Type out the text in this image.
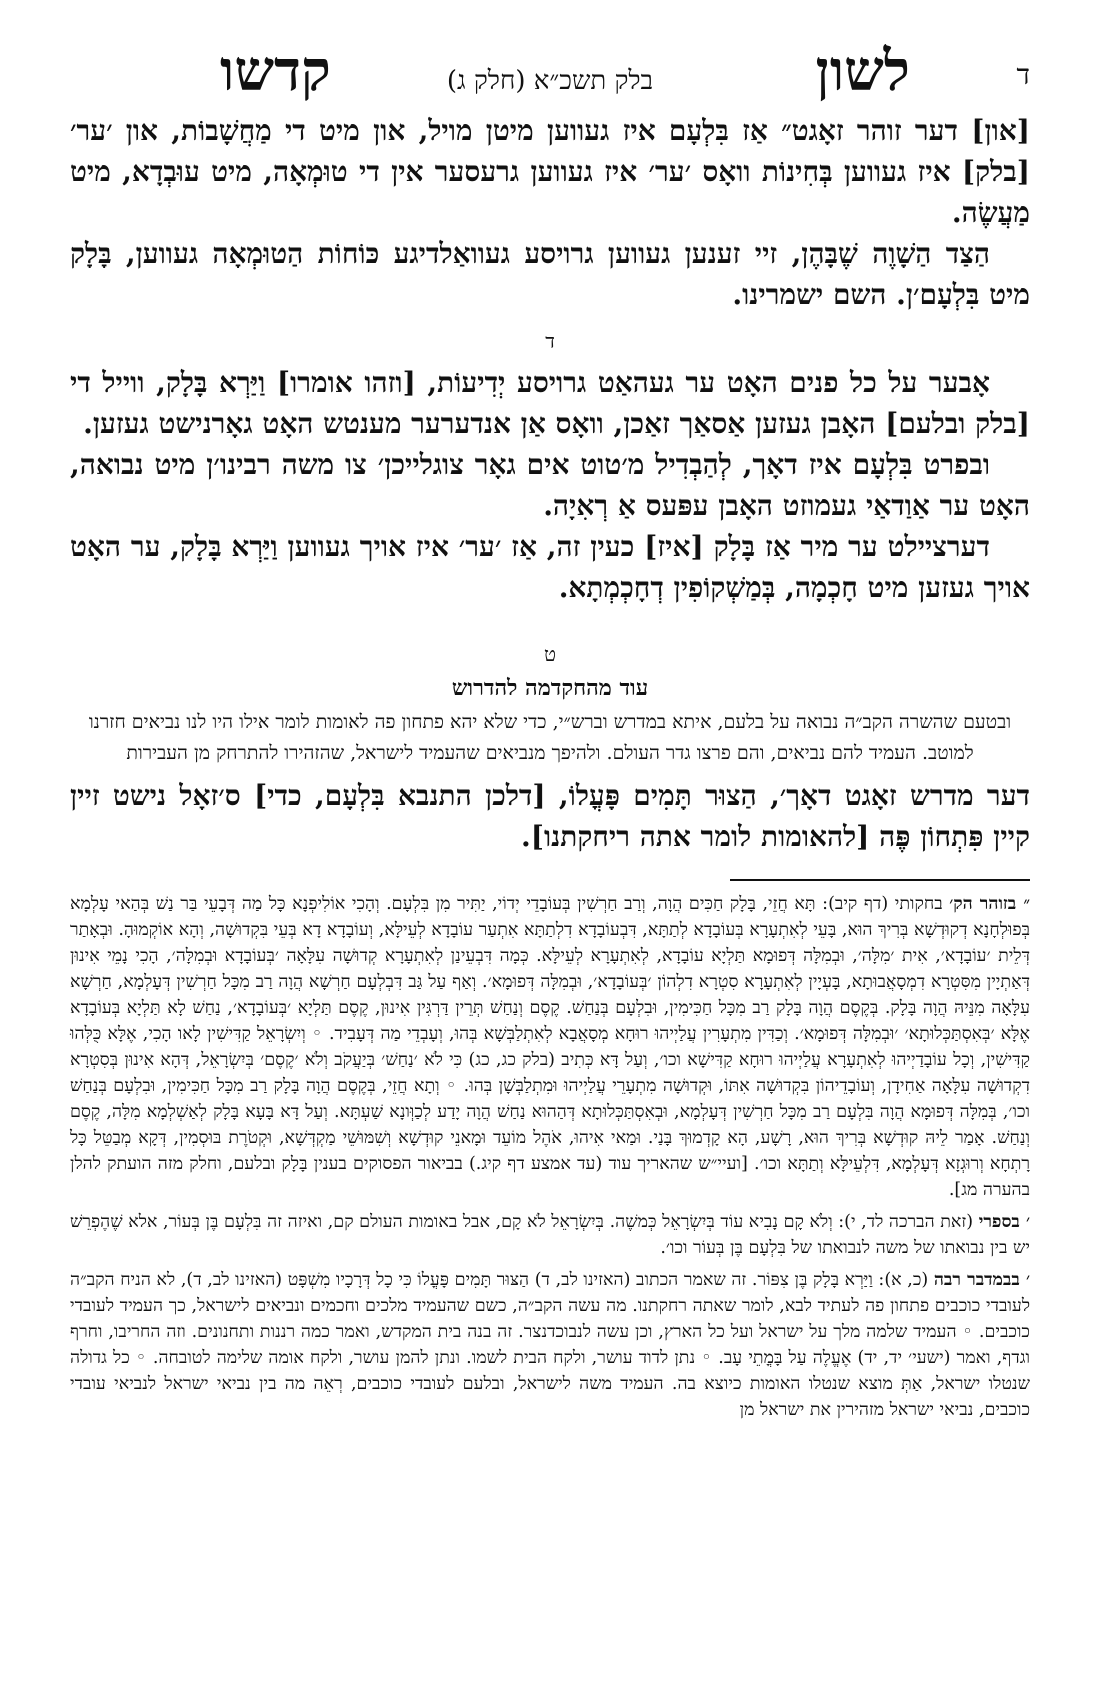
ד
לשון
בלק תשכ״א (חלק ג)
קדשו

[און] דער זוהר זאָגט״ אַז בִּלְעָם איז געווען מיטן מויל, און מיט די מַחֲשָׁבוֹת, און ׳ער׳ [בלק] איז געווען בְּחִינוֹת וואָס ׳ער׳ איז געווען גרעסער אין די טוּמְאָה, מיט עוּבְדָא, מיט מַעֲשֶׂה.

הַצַד הַשָׁוֶה שֶׁבָּהֶן, זיי זענען געווען גרויסע געוואַלדיגע כּוֹחוֹת הַטוּמְאָה געווען, בָּלָק מיט בִּלְעָם׳ן. השם ישמרינו.

ד

אָבער על כל פנים האָט ער געהאַט גרויסע יְדִיעוֹת, [וזהו אומרו] וַיַּרְא בָּלָק, ווייל די [בלק ובלעם] האָבן געזען אַסאַך זאַכן, וואָס אַן אנדערער מענטש האָט גאָרנישט געזען.

ובפרט בִּלְעָם איז דאָך, לְהַבְדִיל מ׳טוט אים גאָר צוגלייכן׳ צו משה רבינו׳ן מיט נבואה, האָט ער אַוַדאַי געמוזט האָבן עפּעס אַ רְאִיָה.

דערציילט ער מיר אַז בָּלָק [איז] כעין זה, אַז ׳ער׳ איז אויך געווען וַיַּרְא בָּלָק, ער האָט אויך געזען מיט חָכְמָה, בְּמַשְׁקוֹפִין דְחָכְמְתָא.

ט
עוד מהחקדמה להדרוש

ובטעם שהשרה הקב״ה נבואה על בלעם, איתא במדרש וברש״י, כדי שלא יהא פתחון פה לאומות לומר אילו היו לנו נביאים חזרנו למוטב. העמיד להם נביאים, והם פרצו גדר העולם. ולהיפך מנביאים שהעמיד לישראל, שהזהירו להתרחק מן העבירות

דער מדרש זאָגט דאָך׳, הַצוּר תָּמִים פָּעֳלוֹ, [דלכן התנבא בִּלְעָם, כדי] ס׳זאָל נישט זיין קיין פִּתְחוֹן פֶּה [להאומות לומר אתה ריחקתנו].

״ בזוהר הק׳ בחקותי (דף קיב): תָּא חֲזֵי, בָּלָק חַכִּים הֲוָה, וְרַב חַרְשִׁין בְּעוֹבָדֵי יְדוֹי, יַתִּיר מִן בִּלְעָם. וְהָכִי אוֹלִיפְנָא כָּל מַה דְּבָעֵי בַּר נַשׁ בְּהַאי עָלְמָא בְּפוּלְחָנָא דְקוּדְשָׁא בְּרִיךְ הוּא, בָּעֵי לְאִתְעָרָא בְּעוֹבָדָא לְתַתָּא, דִּבְעוֹבָדָא דִלְתַתָּא אִתְעַר עוֹבָדָא לְעֵילָּא, וְעוֹבָדָא דָא בְּעֵי בִּקְדוּשָׁה, וְהָא אוֹקְמוּהָ. וּבְאָתַר דְּלֵית ׳עוֹבָדָא׳, אִית ׳מִלָּה׳, וּבְמִלָּה דְּפוּמָא תַּלְיָא עוֹבָדָא, לְאִתְעָרָא לְעֵילָּא. כְּמָה דִּבְעֵינַן לְאִתְעָרָא קְדוּשָׁה עִלָּאָה ׳בְּעוֹבָדָא וּבְמִלָּה׳, הָכִי נָמֵי אִינוּן דְּאַתְיָין מִסִּטְרָא דִמְסָאֲבוּתָא, בָּעְיָין לְאִתְעָרָא סִטְרָא דִלְהוֹן ׳בְּעוֹבָדָא׳, וּבְמִלָּה דְּפוּמָא׳. וְאַף עַל גַּב דִּבְלְעָם חַרְשָׁא הֲוָה רַב מִכָּל חַרְשִׁין דְּעָלְמָא, חַרְשָׁא עִלָּאָה מִנֵּיהּ הֲוָה בָּלָק. בְּקֶסֶם הֲוָה בָּלָק רַב מִכָּל חַכִּימִין, וּבִלְעָם בְּנַחַשׁ. קֶסֶם וְנַחַשׁ תְּרֵין דַּרְגִּין אִינוּן, קֶסֶם תַּלְיָא ׳בְּעוֹבָדָא׳, נַחַשׁ לָא תַּלְיָא בְּעוֹבָדָא אֶלָּא ׳בְּאִסְתַּכְּלוּתָא׳ ׳וּבְמִלָּה דְּפוּמָא׳. וְכַדִּין מִתְעָרִין עֲלַיְיהוּ רוּחָא מְסָאֲבָא לְאִתְלַבְּשָׁא בְּהוּ, וְעָבְדֵי מַה דְּעָבִיד. ◦ וְיִשְׂרָאֵל קַדִּישִׁין לָאו הָכִי, אֶלָּא כֻּלְּהוּ קַדִּישִׁין, וְכָל עוֹבָדַיְיהוּ לְאִתְעָרָא עֲלַיְיהוּ רוּחָא קַדִּישָׁא וכו׳, וְעַל דָּא כְּתִיב (בלק כג, כג) כִּי לֹא ׳נַחַשׁ׳ בְּיַעֲקֹב וְלֹא ׳קֶסֶם׳ בְּיִשְׂרָאֵל, דְּהָא אִינוּן בְּסִטְרָא דִקְדוּשָׁה עִלָּאָה אַחִידָן, וְעוֹבָדֵיהוֹן בִּקְדוּשָׁה אִתּוֹ, וּקְדוּשָׁה מִתְעָרֵי עֲלַיְיהוּ וּמִתְלַבְּשָׁן בְּהוּ. ◦ וְתָא חֲזֵי, בְּקֶסֶם הֲוָה בָּלָק רַב מִכָּל חַכִּימִין, וּבִלְעָם בְּנַחַשׁ וכו׳, בְּמִלָּה דְּפוּמָא הֲוָה בִּלְעָם רַב מִכָּל חַרְשִׁין דְּעָלְמָא, וּבְאִסְתַּכְּלוּתָא דְּהַהוּא נַחַשׁ הֲוָה יָדַע לְכַוְּונָא שַׁעְתָּא. וְעַל דָּא בָּעָא בָּלָק לְאַשְׁלְמָא מִלָּה, קֶסֶם וְנַחַשׁ. אָמַר לֵיהּ קוּדְשָׁא בְּרִיךְ הוּא, רָשָׁע, הָא קָדְמוּךְ בָּנַי. וּמַאי אִיהוּ, אֹהֶל מוֹעֵד וּמָאנֵי קוּדְשָׁא וְשִׁמּוּשֵׁי מַקְדְּשָׁא, וּקְטֹרֶת בּוּסְמִין, דְּקָא מְבַטֵּל כָּל רָתְחָא וְרוּגְזָא דְּעָלְמָא, דִּלְעֵילָּא וְתַתָּא וכו׳. [ועיי״ש שהאריך עוד (עד אמצע דף קיג.) בביאור הפסוקים בענין בָּלָק ובלעם, וחלק מזה הועתק להלן בהערה מג].

׳ בספרי (זאת הברכה לד, י): וְלֹא קָם נָבִיא עוֹד בְּיִשְׂרָאֵל כְּמשֶׁה. בְּיִשְׂרָאֵל לֹא קָם, אבל באומות העולם קם, ואיזה זה בִּלְעָם בֶּן בְּעוֹר, אלא שֶׁהֶפְרֵשׁ יש בין נבואתו של משה לנבואתו של בִּלְעָם בֶּן בְּעוֹר וכו׳.

׳ בבמדבר רבה (כ, א): וַיַּרְא בָּלָק בֶּן צִפּוֹר. זה שאמר הכתוב (האזינו לב, ד) הַצּוּר תָּמִים פָּעֳלוֹ כִּי כָל דְּרָכָיו מִשְׁפָּט (האזינו לב, ד), לא הניח הקב״ה לעובדי כוכבים פתחון פה לעתיד לבא, לומר שאתה רחקתנו. מה עשה הקב״ה, כשם שהעמיד מלכים וחכמים ונביאים לישראל, כך העמיד לעובדי כוכבים. ◦ העמיד שלמה מלך על ישראל ועל כל הארץ, וכן עשה לנבוכדנצר. זה בנה בית המקדש, ואמר כמה רננות ותחנונים. וזה החריבו, וחרף וגדף, ואמר (ישעי׳ יד, יד) אֶעֱלֶה עַל בָּמֳתֵי עָב. ◦ נתן לדוד עושר, ולקח הבית לשמו. ונתן להמן עושר, ולקח אומה שלימה לטובחה. ◦ כל גדולה שנטלו ישראל, אַתְּ מוצא שנטלו האומות כיוצא בה. העמיד משה לישראל, ובלעם לעובדי כוכבים, רְאֵה מה בין נביאי ישראל לנביאי עובדי כוכבים, נביאי ישראל מזהירין את ישראל מן
